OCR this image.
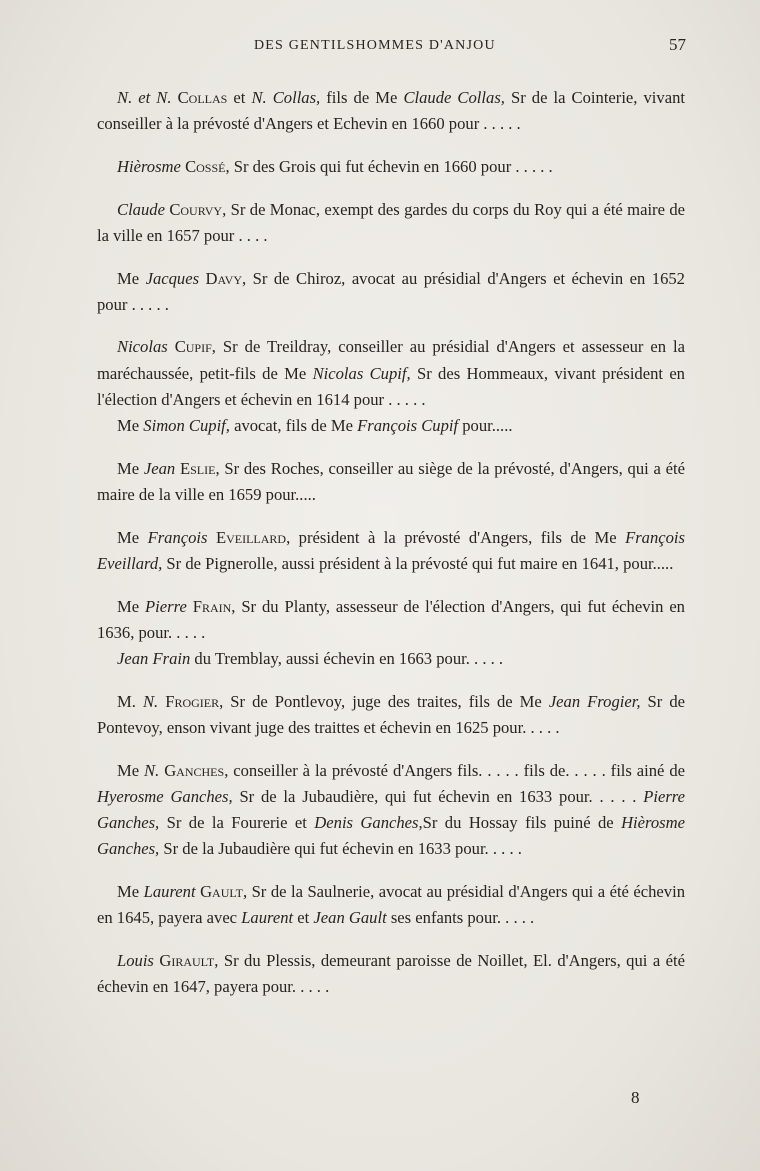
DES GENTILSHOMMES D'ANJOU	57

N. et N. Collas et N. Collas, fils de Me Claude Collas, Sr de la Cointerie, vivant conseiller à la prévosté d'Angers et Echevin en 1660 pour . . . . .

Hièrosme Cossé, Sr des Grois qui fut échevin en 1660 pour . . . . .

Claude Courvy, Sr de Monac, exempt des gardes du corps du Roy qui a été maire de la ville en 1657 pour . . . .

Me Jacques Davy, Sr de Chiroz, avocat au présidial d'Angers et échevin en 1652 pour . . . . .

Nicolas Cupif, Sr de Treildray, conseiller au présidial d'Angers et assesseur en la maréchaussée, petit-fils de Me Nicolas Cupif, Sr des Hommeaux, vivant président en l'élection d'Angers et échevin en 1614 pour . . . . .

Me Simon Cupif, avocat, fils de Me François Cupif pour.....

Me Jean Eslie, Sr des Roches, conseiller au siège de la prévosté, d'Angers, qui a été maire de la ville en 1659 pour.....

Me François Eveillard, président à la prévosté d'Angers, fils de Me François Eveillard, Sr de Pignerolle, aussi président à la prévosté qui fut maire en 1641, pour.....

Me Pierre Frain, Sr du Planty, assesseur de l'élection d'Angers, qui fut échevin en 1636, pour. . . . .

Jean Frain du Tremblay, aussi échevin en 1663 pour. . . . .

M. N. Frogier, Sr de Pontlevoy, juge des traites, fils de Me Jean Frogier, Sr de Pontevoy, enson vivant juge des traittes et échevin en 1625 pour. . . . .

Me N. Ganches, conseiller à la prévosté d'Angers fils. . . . . fils de. . . . . fils ainé de Hyerosme Ganches, Sr de la Jubaudière, qui fut échevin en 1633 pour. . . . . Pierre Ganches, Sr de la Fourerie et Denis Ganches,Sr du Hossay fils puiné de Hièrosme Ganches, Sr de la Jubaudière qui fut échevin en 1633 pour. . . . .

Me Laurent Gault, Sr de la Saulnerie, avocat au présidial d'Angers qui a été échevin en 1645, payera avec Laurent et Jean Gault ses enfants pour. . . . .

Louis Girault, Sr du Plessis, demeurant paroisse de Noillet, El. d'Angers, qui a été échevin en 1647, payera pour. . . . .

8
